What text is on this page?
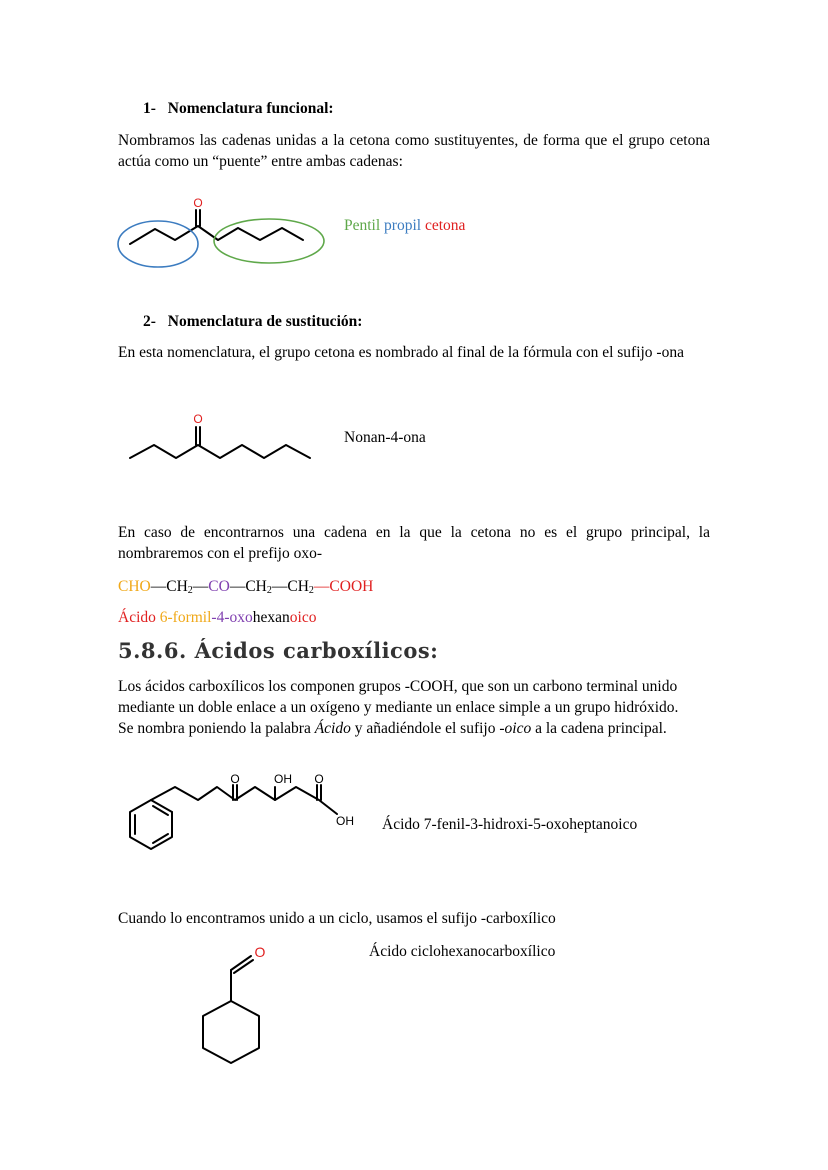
1- Nomenclatura funcional:
Nombramos las cadenas unidas a la cetona como sustituyentes, de forma que el grupo cetona actúa como un “puente” entre ambas cadenas:
O
Pentil propil cetona
2- Nomenclatura de sustitución:
En esta nomenclatura, el grupo cetona es nombrado al final de la fórmula con el sufijo -ona
O
Nonan-4-ona
En caso de encontrarnos una cadena en la que la cetona no es el grupo principal, la nombraremos con el prefijo oxo-
$CHO—CH_2—CO—CH_2—CH_2—COOH$
Ácido 6-formil-4-oxohexanoico
5.8.6. Ácidos carboxílicos:
Los ácidos carboxílicos los componen grupos -COOH, que son un carbono terminal unido
mediante un doble enlace a un oxígeno y mediante un enlace simple a un grupo hidróxido.
Se nombra poniendo la palabra Ácido y añadiéndole el sufijo -oico a la cadena principal.
O	OH O
OH Ácido 7-fenil-3-hidroxi-5-oxoheptanoico
Cuando lo encontramos unido a un ciclo, usamos el sufijo -carboxílico
O	Ácido ciclohexanocarboxílico
